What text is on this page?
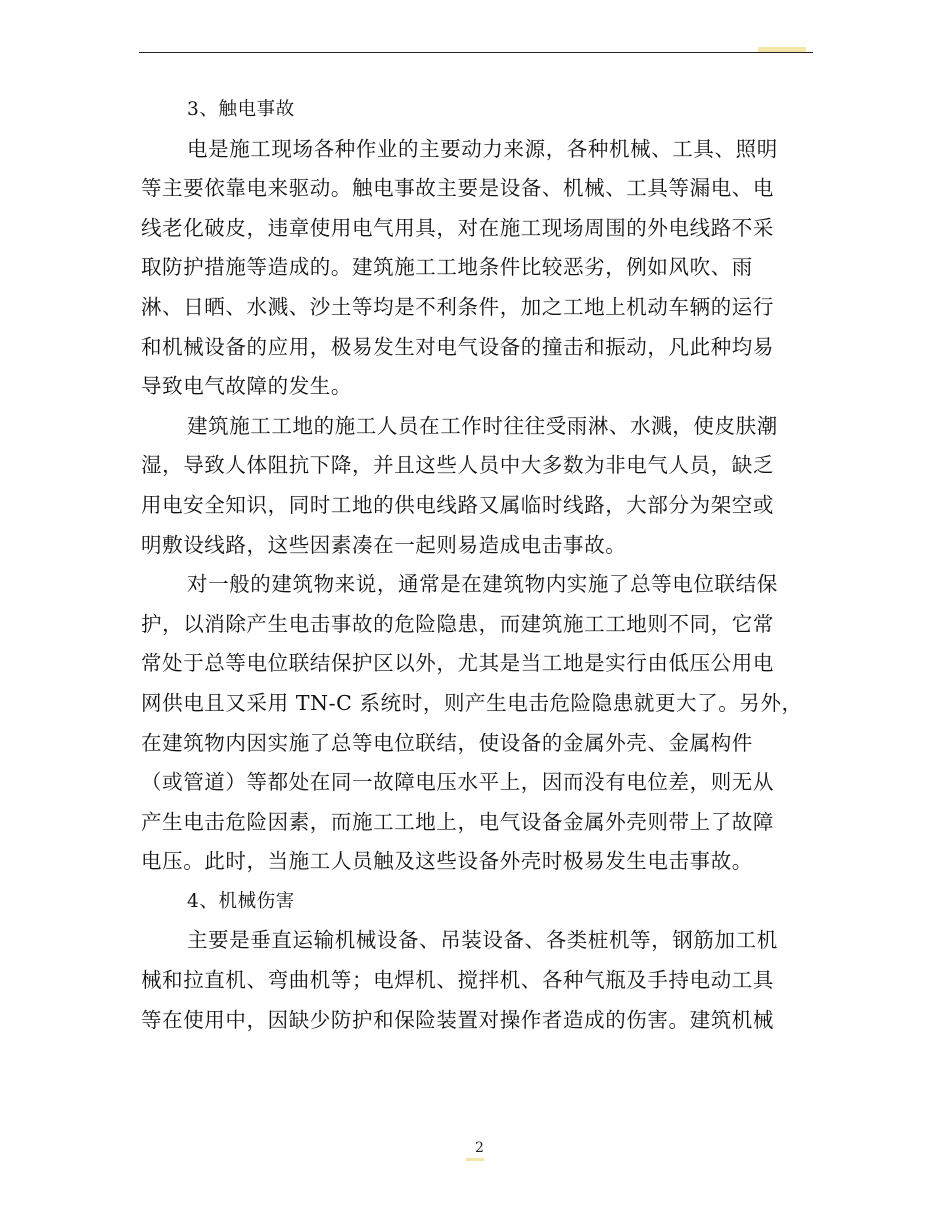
3、触电事故
电是施工现场各种作业的主要动力来源，各种机械、工具、照明
等主要依靠电来驱动。触电事故主要是设备、机械、工具等漏电、电
线老化破皮，违章使用电气用具，对在施工现场周围的外电线路不采
取防护措施等造成的。建筑施工工地条件比较恶劣，例如风吹、雨
淋、日晒、水溅、沙土等均是不利条件，加之工地上机动车辆的运行
和机械设备的应用，极易发生对电气设备的撞击和振动，凡此种均易
导致电气故障的发生。
建筑施工工地的施工人员在工作时往往受雨淋、水溅，使皮肤潮
湿，导致人体阻抗下降，并且这些人员中大多数为非电气人员，缺乏
用电安全知识，同时工地的供电线路又属临时线路，大部分为架空或
明敷设线路，这些因素凑在一起则易造成电击事故。
对一般的建筑物来说，通常是在建筑物内实施了总等电位联结保
护，以消除产生电击事故的危险隐患，而建筑施工工地则不同，它常
常处于总等电位联结保护区以外，尤其是当工地是实行由低压公用电
网供电且又采用 TN-C 系统时，则产生电击危险隐患就更大了。另外，
在建筑物内因实施了总等电位联结，使设备的金属外壳、金属构件
（或管道）等都处在同一故障电压水平上，因而没有电位差，则无从
产生电击危险因素，而施工工地上，电气设备金属外壳则带上了故障
电压。此时，当施工人员触及这些设备外壳时极易发生电击事故。
4、机械伤害
主要是垂直运输机械设备、吊装设备、各类桩机等，钢筋加工机
械和拉直机、弯曲机等；电焊机、搅拌机、各种气瓶及手持电动工具
等在使用中，因缺少防护和保险装置对操作者造成的伤害。建筑机械
2
